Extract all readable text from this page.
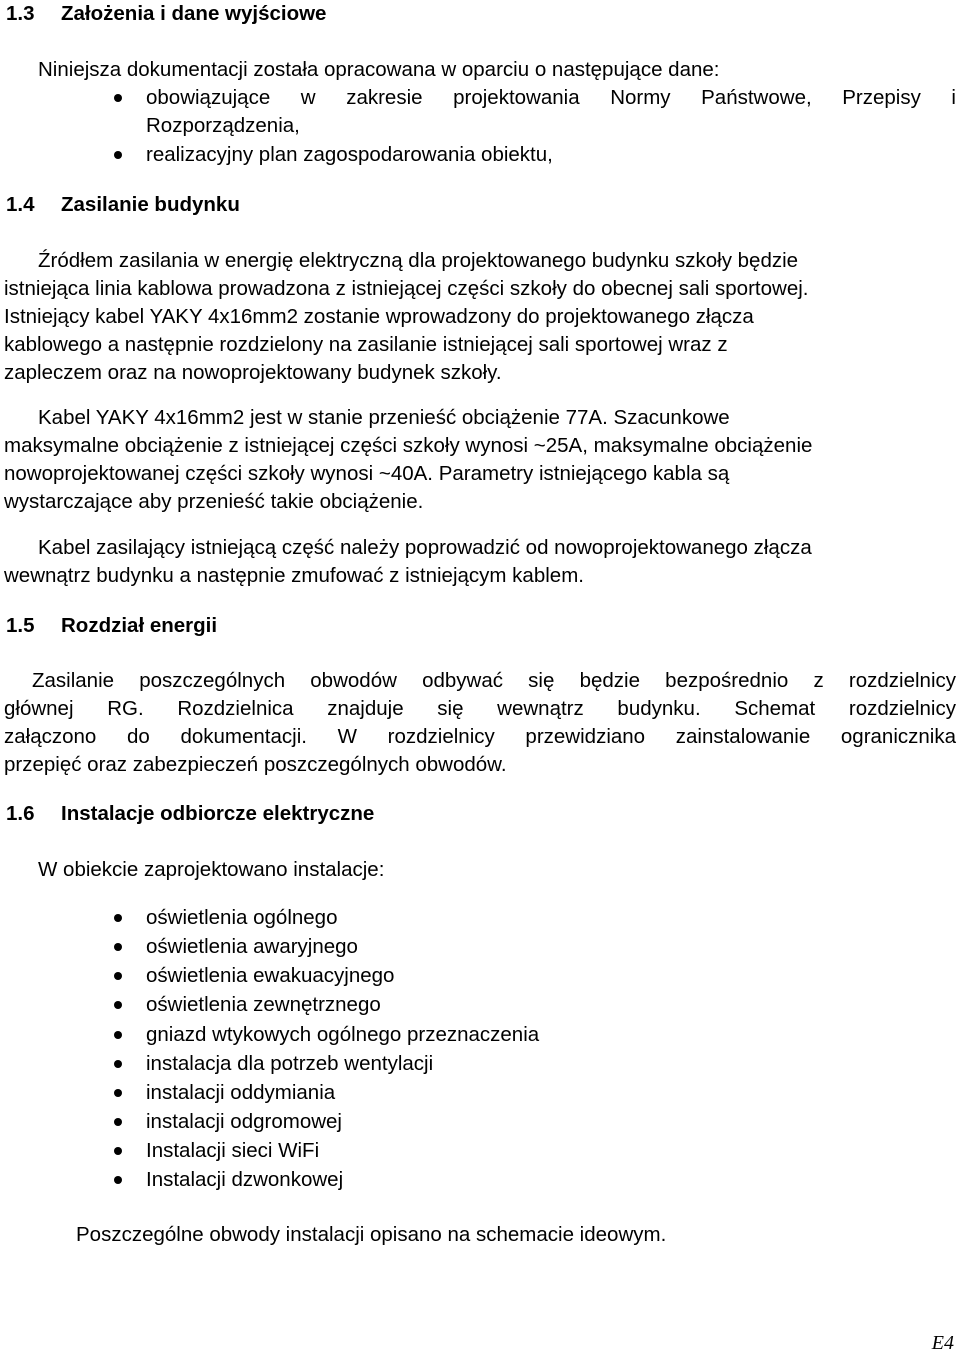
1.3 Założenia i dane wyjściowe
Niniejsza dokumentacji została opracowana w oparciu o następujące dane:
obowiązujące w zakresie projektowania Normy Państwowe, Przepisy i
Rozporządzenia,
realizacyjny plan zagospodarowania obiektu,
1.4 Zasilanie budynku
Źródłem zasilania w energię elektryczną dla projektowanego budynku szkoły będzie
istniejąca linia kablowa prowadzona z istniejącej części szkoły do obecnej sali sportowej.
Istniejący kabel YAKY 4x16mm2 zostanie wprowadzony do projektowanego złącza
kablowego a następnie rozdzielony na zasilanie istniejącej sali sportowej wraz z
zapleczem oraz na nowoprojektowany budynek szkoły.
Kabel YAKY 4x16mm2 jest w stanie przenieść obciążenie 77A. Szacunkowe
maksymalne obciążenie z istniejącej części szkoły wynosi ~25A, maksymalne obciążenie
nowoprojektowanej części szkoły wynosi ~40A. Parametry istniejącego kabla są
wystarczające aby przenieść takie obciążenie.
Kabel zasilający istniejącą część należy poprowadzić od nowoprojektowanego złącza
wewnątrz budynku a następnie zmufować z istniejącym kablem.
1.5 Rozdział energii
Zasilanie poszczególnych obwodów odbywać się będzie bezpośrednio z rozdzielnicy
głównej RG. Rozdzielnica znajduje się wewnątrz budynku. Schemat rozdzielnicy
załączono do dokumentacji. W rozdzielnicy przewidziano zainstalowanie ogranicznika
przepięć oraz zabezpieczeń poszczególnych obwodów.
1.6 Instalacje odbiorcze elektryczne
W obiekcie zaprojektowano instalacje:
oświetlenia ogólnego
oświetlenia awaryjnego
oświetlenia ewakuacyjnego
oświetlenia zewnętrznego
gniazd wtykowych ogólnego przeznaczenia
instalacja dla potrzeb wentylacji
instalacji oddymiania
instalacji odgromowej
Instalacji sieci WiFi
Instalacji dzwonkowej
Poszczególne obwody instalacji opisano na schemacie ideowym.
E4
